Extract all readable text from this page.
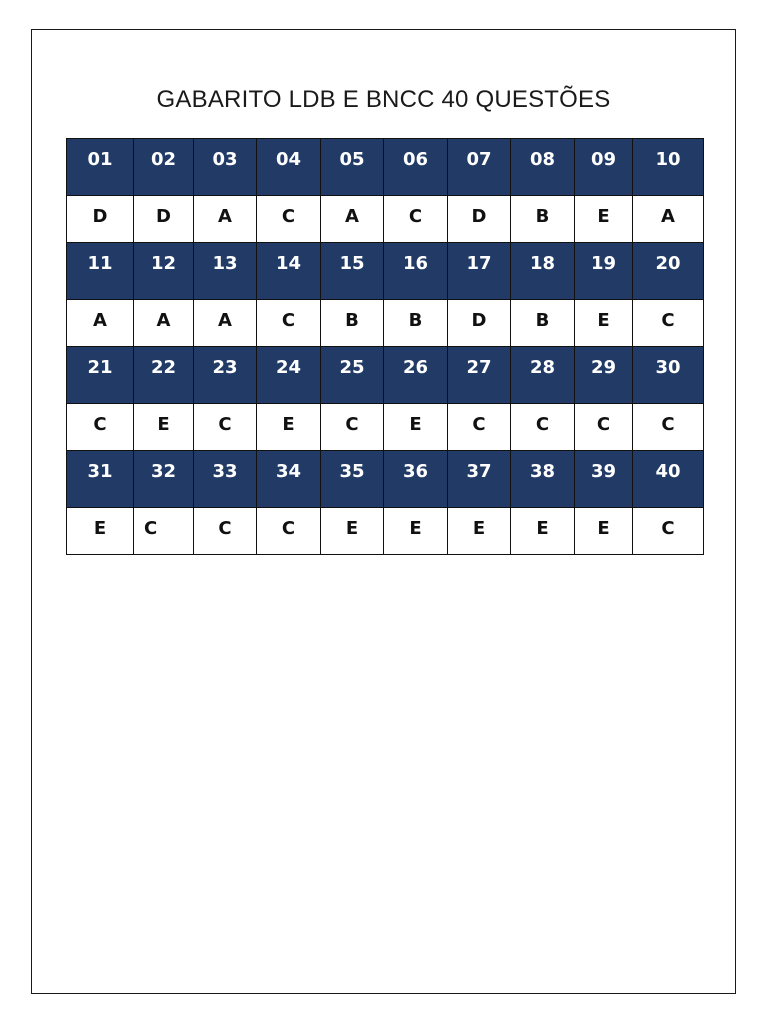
GABARITO LDB E BNCC 40 QUESTÕES
01	02	03	04	05	06	07	08	09	10
D	D	A	C	A	C	D	B	E	A
11	12	13	14	15	16	17	18	19	20
A	A	A	C	B	B	D	B	E	C
21	22	23	24	25	26	27	28	29	30
C	E	C	E	C	E	C	C	C	C
31	32	33	34	35	36	37	38	39	40
E	C	C	C	E	E	E	E	E	C
